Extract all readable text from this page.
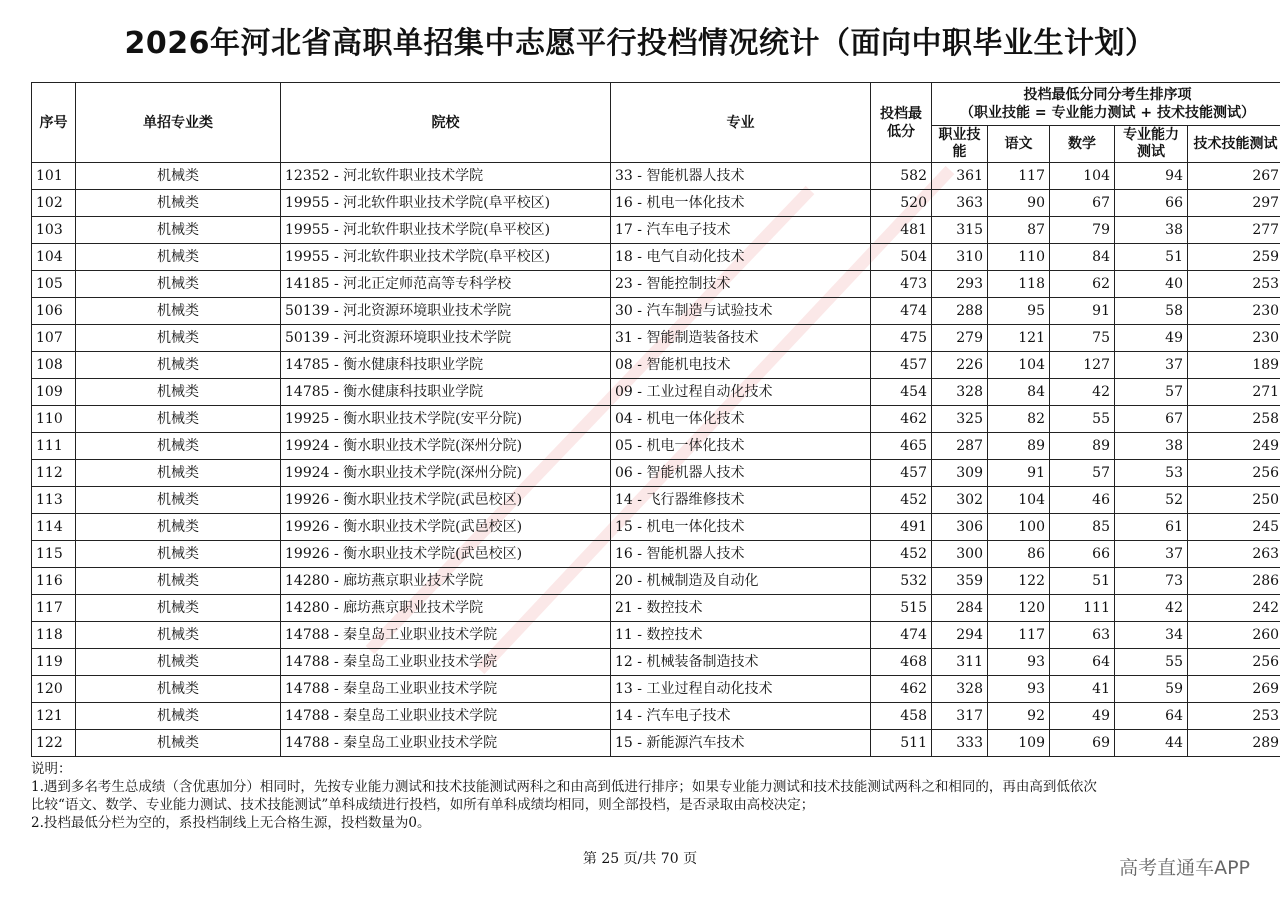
2026年河北省高职单招集中志愿平行投档情况统计（面向中职毕业生计划）
序号	单招专业类	院校	专业	投档最低分	投档最低分同分考生排序项
（职业技能 = 专业能力测试 + 技术技能测试）				

					职业技能	语文	数学	专业能力测试	技术技能测试
101	机械类	12352 - 河北软件职业技术学院	33 - 智能机器人技术	582	361	117	104	94	267
102	机械类	19955 - 河北软件职业技术学院(阜平校区)	16 - 机电一体化技术	520	363	90	67	66	297
103	机械类	19955 - 河北软件职业技术学院(阜平校区)	17 - 汽车电子技术	481	315	87	79	38	277
104	机械类	19955 - 河北软件职业技术学院(阜平校区)	18 - 电气自动化技术	504	310	110	84	51	259
105	机械类	14185 - 河北正定师范高等专科学校	23 - 智能控制技术	473	293	118	62	40	253
106	机械类	50139 - 河北资源环境职业技术学院	30 - 汽车制造与试验技术	474	288	95	91	58	230
107	机械类	50139 - 河北资源环境职业技术学院	31 - 智能制造装备技术	475	279	121	75	49	230
108	机械类	14785 - 衡水健康科技职业学院	08 - 智能机电技术	457	226	104	127	37	189
109	机械类	14785 - 衡水健康科技职业学院	09 - 工业过程自动化技术	454	328	84	42	57	271
110	机械类	19925 - 衡水职业技术学院(安平分院)	04 - 机电一体化技术	462	325	82	55	67	258
111	机械类	19924 - 衡水职业技术学院(深州分院)	05 - 机电一体化技术	465	287	89	89	38	249
112	机械类	19924 - 衡水职业技术学院(深州分院)	06 - 智能机器人技术	457	309	91	57	53	256
113	机械类	19926 - 衡水职业技术学院(武邑校区)	14 - 飞行器维修技术	452	302	104	46	52	250
114	机械类	19926 - 衡水职业技术学院(武邑校区)	15 - 机电一体化技术	491	306	100	85	61	245
115	机械类	19926 - 衡水职业技术学院(武邑校区)	16 - 智能机器人技术	452	300	86	66	37	263
116	机械类	14280 - 廊坊燕京职业技术学院	20 - 机械制造及自动化	532	359	122	51	73	286
117	机械类	14280 - 廊坊燕京职业技术学院	21 - 数控技术	515	284	120	111	42	242
118	机械类	14788 - 秦皇岛工业职业技术学院	11 - 数控技术	474	294	117	63	34	260
119	机械类	14788 - 秦皇岛工业职业技术学院	12 - 机械装备制造技术	468	311	93	64	55	256
120	机械类	14788 - 秦皇岛工业职业技术学院	13 - 工业过程自动化技术	462	328	93	41	59	269
121	机械类	14788 - 秦皇岛工业职业技术学院	14 - 汽车电子技术	458	317	92	49	64	253
122	机械类	14788 - 秦皇岛工业职业技术学院	15 - 新能源汽车技术	511	333	109	69	44	289
说明：
1.遇到多名考生总成绩（含优惠加分）相同时，先按专业能力测试和技术技能测试两科之和由高到低进行排序；如果专业能力测试和技术技能测试两科之和相同的，再由高到低依次
比较“语文、数学、专业能力测试、技术技能测试”单科成绩进行投档，如所有单科成绩均相同，则全部投档，是否录取由高校决定；
2.投档最低分栏为空的，系投档制线上无合格生源，投档数量为0。
第 25 页/共 70 页	高考直通车APP
